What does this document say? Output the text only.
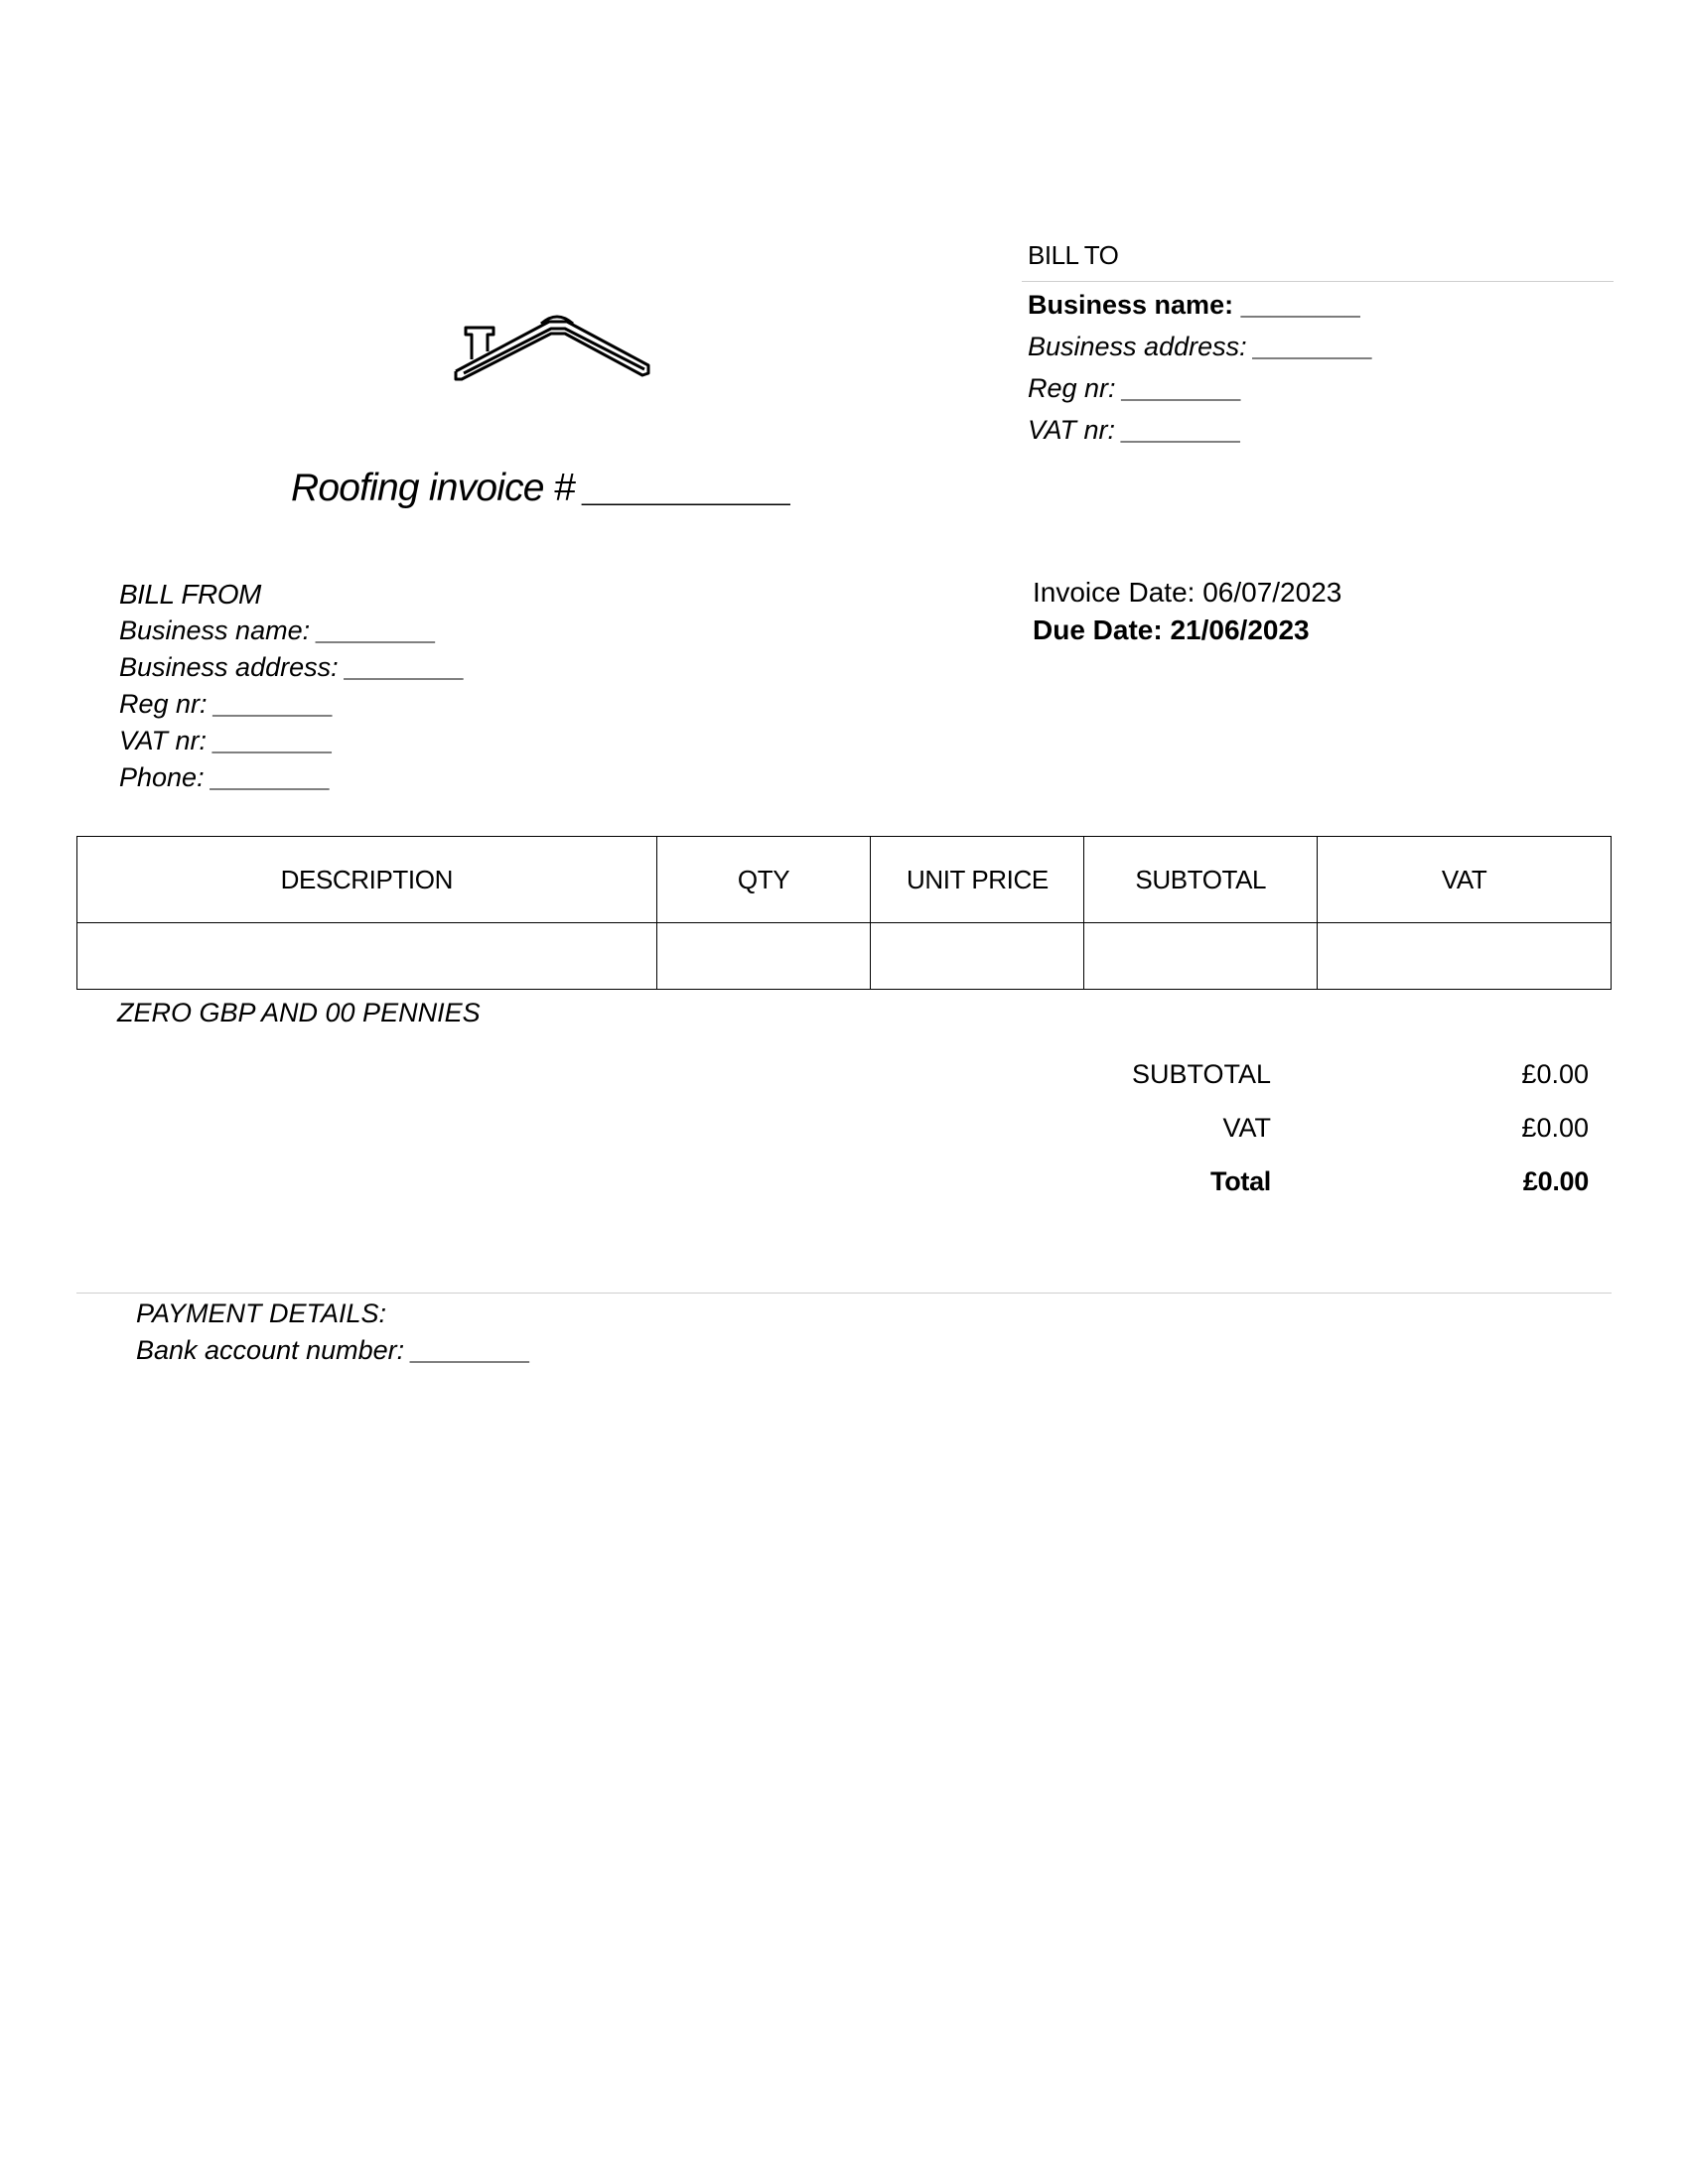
BILL TO
Business name: ________
Business address: ________
Reg nr: ________
VAT nr: ________
Roofing invoice # __________
BILL FROM
Business name: ________
Business address: ________
Reg nr: ________
VAT nr: ________
Phone: ________
Invoice Date: 06/07/2023
Due Date: 21/06/2023
DESCRIPTION	QTY	UNIT PRICE	SUBTOTAL	VAT

ZERO GBP AND 00 PENNIES
SUBTOTAL	£0.00
VAT	£0.00
Total	£0.00
PAYMENT DETAILS:
Bank account number: ________
